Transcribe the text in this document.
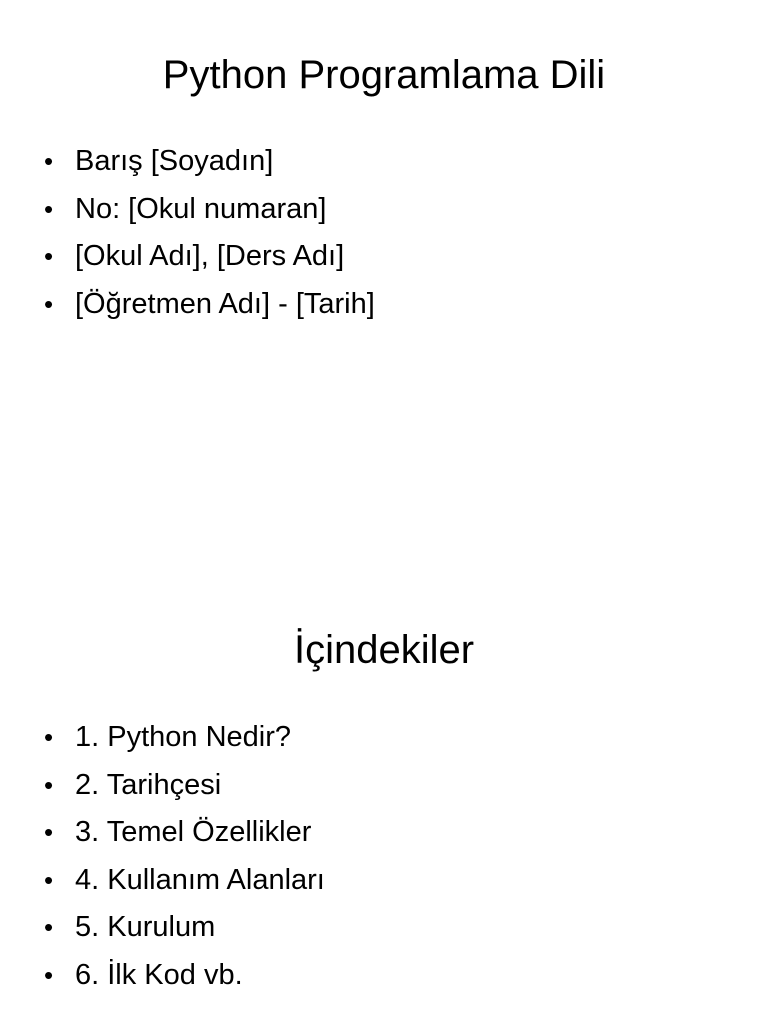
Python Programlama Dili
• Barış [Soyadın]
• No: [Okul numaran]
• [Okul Adı], [Ders Adı]
• [Öğretmen Adı] - [Tarih]
İçindekiler
• 1. Python Nedir?
• 2. Tarihçesi
• 3. Temel Özellikler
• 4. Kullanım Alanları
• 5. Kurulum
• 6. İlk Kod vb.
